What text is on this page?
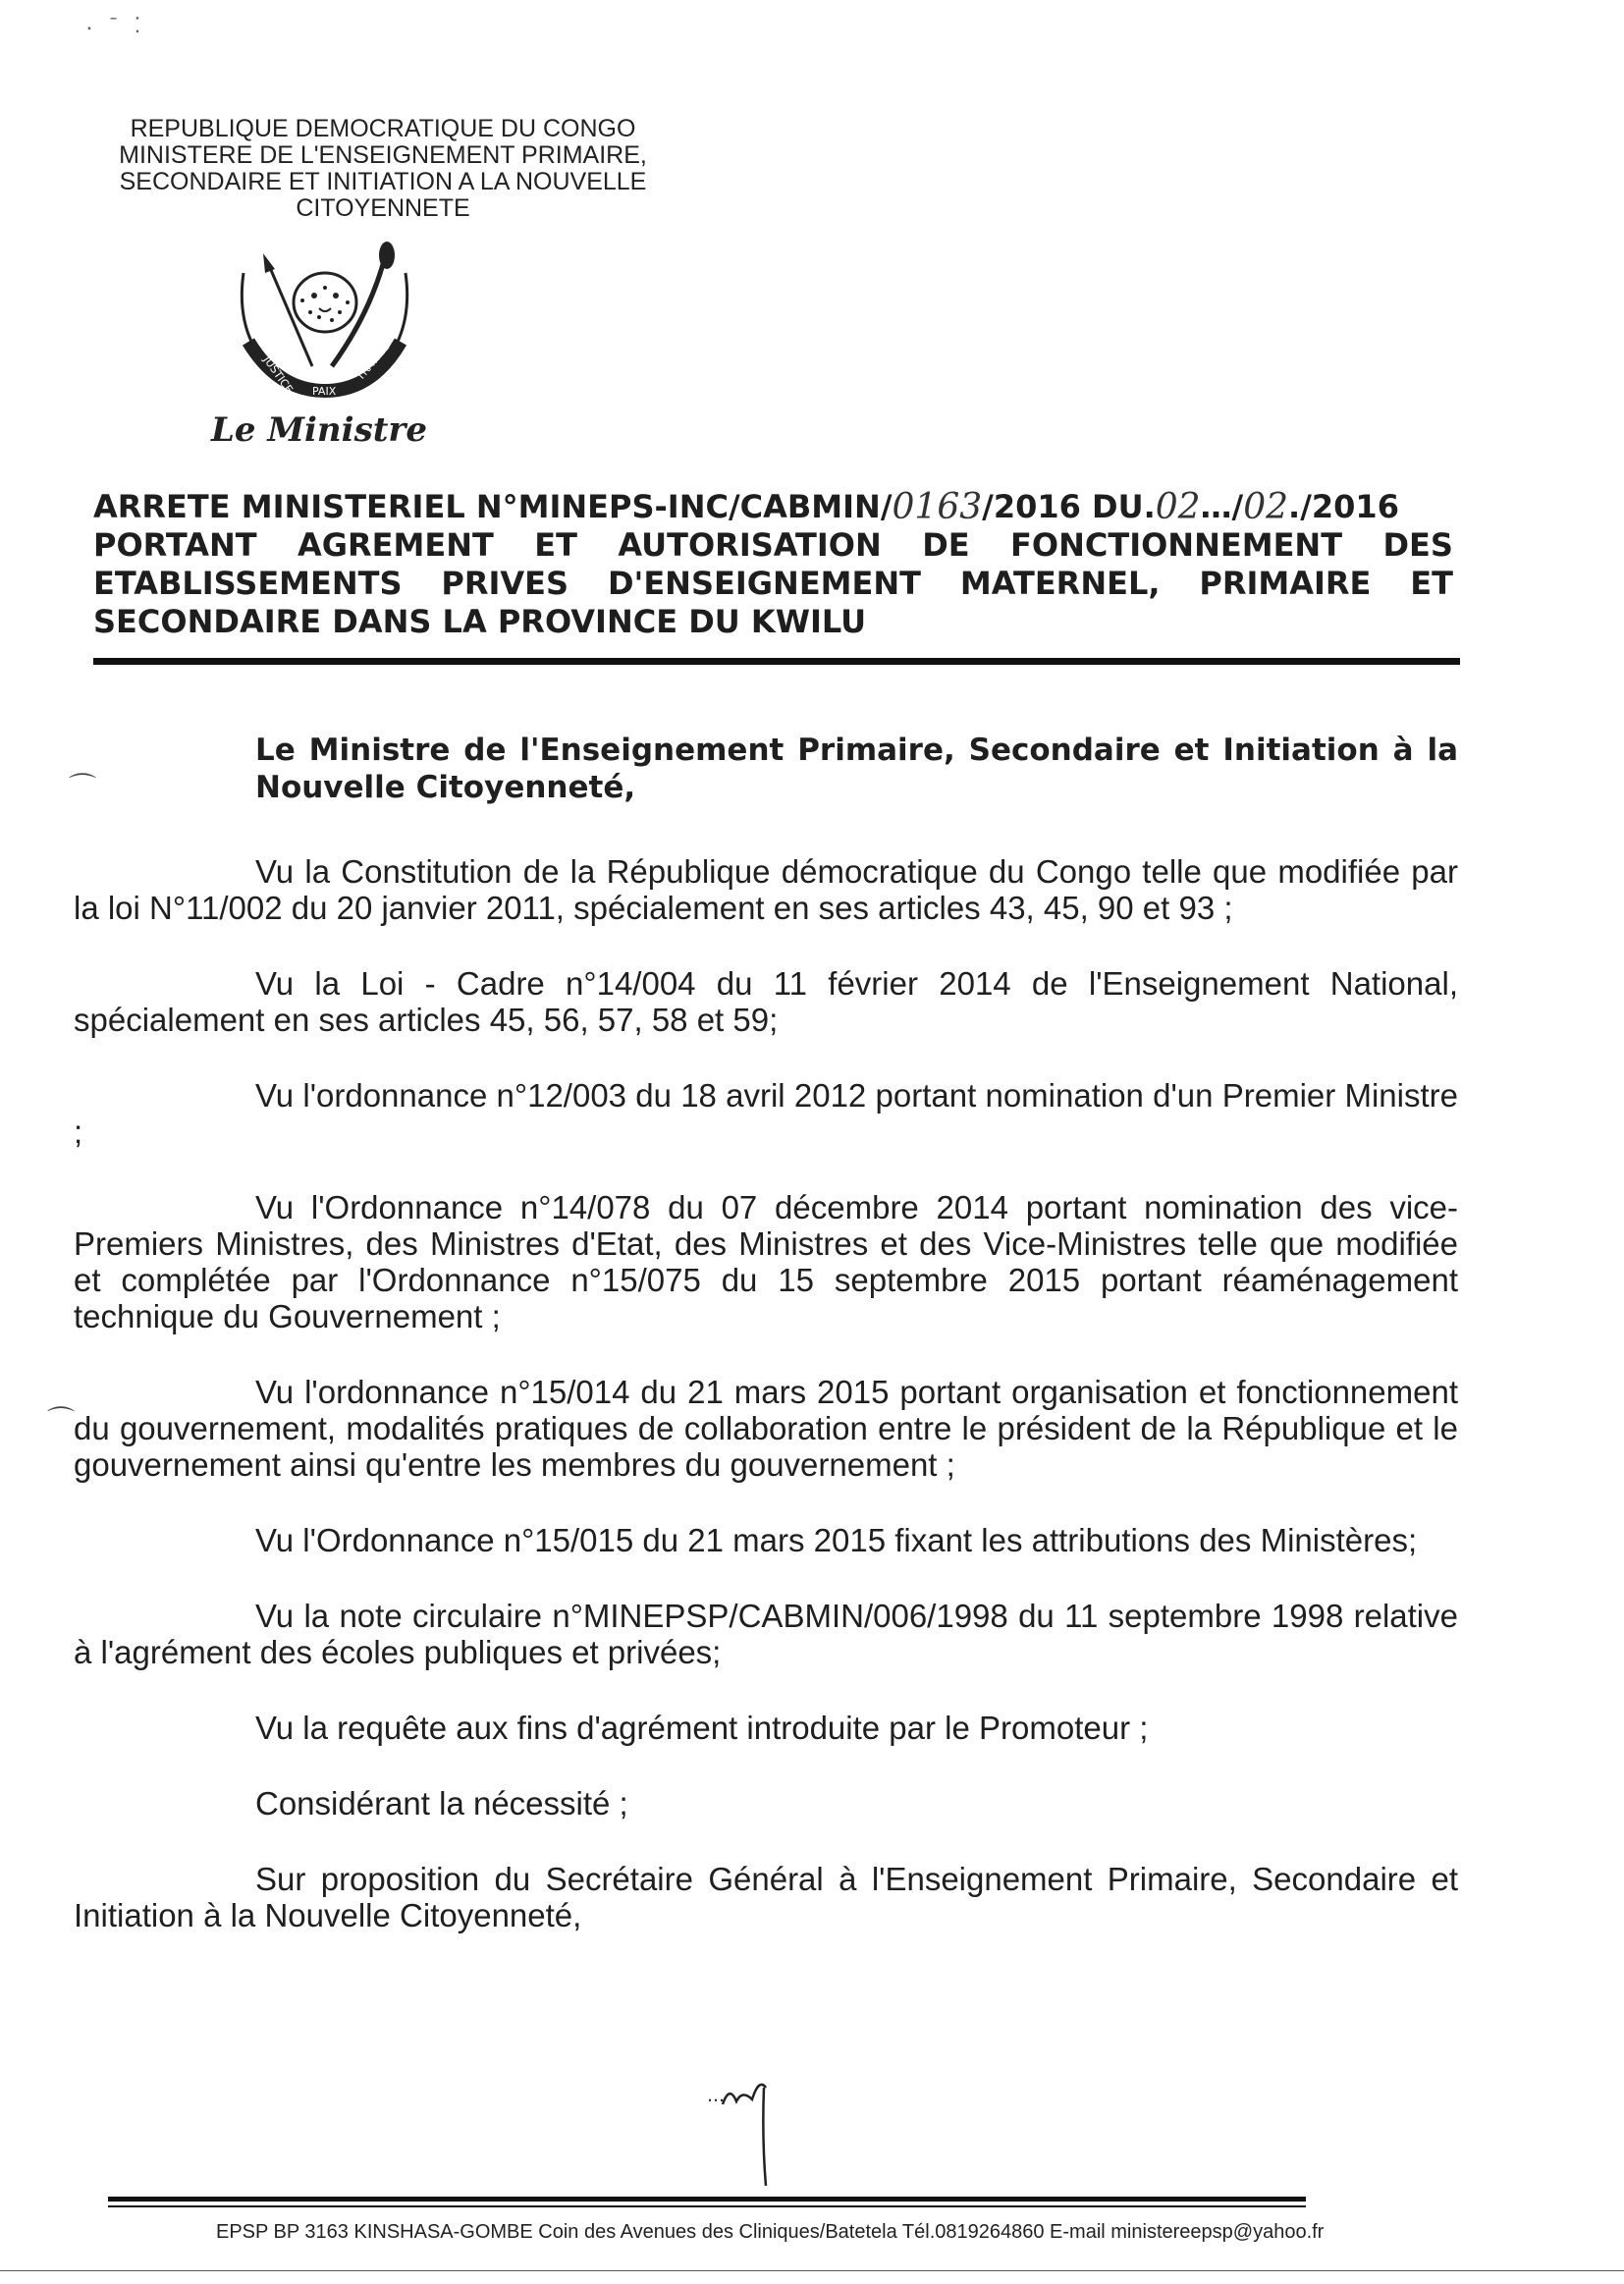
⸳ ˉ ⁚
REPUBLIQUE DEMOCRATIQUE DU CONGO
MINISTERE DE L'ENSEIGNEMENT PRIMAIRE,
SECONDAIRE ET INITIATION A LA NOUVELLE
CITOYENNETE
JUSTICE PAIX
TRAVAIL
Le Ministre
ARRETE MINISTERIEL N°MINEPS-INC/CABMIN/ 0163 /2016 DU. 02 …/ 02 ./2016
PORTANT AGREMENT ET AUTORISATION DE FONCTIONNEMENT DES
ETABLISSEMENTS PRIVES D'ENSEIGNEMENT MATERNEL, PRIMAIRE ET
SECONDAIRE DANS LA PROVINCE DU KWILU
⌒
⌒
Le Ministre de l'Enseignement Primaire, Secondaire et Initiation à la Nouvelle Citoyenneté,
Vu la Constitution de la République démocratique du Congo telle que modifiée par la loi N°11/002 du 20 janvier 2011, spécialement en ses articles 43, 45, 90 et 93 ;
Vu la Loi - Cadre n°14/004 du 11 février 2014 de l'Enseignement National, spécialement en ses articles 45, 56, 57, 58 et 59;
Vu l'ordonnance n°12/003 du 18 avril 2012 portant nomination d'un Premier Ministre ;
Vu l'Ordonnance n°14/078 du 07 décembre 2014 portant nomination des vice-Premiers Ministres, des Ministres d'Etat, des Ministres et des Vice-Ministres telle que modifiée et complétée par l'Ordonnance n°15/075 du 15 septembre 2015 portant réaménagement technique du Gouvernement ;
Vu l'ordonnance n°15/014 du 21 mars 2015 portant organisation et fonctionnement du gouvernement, modalités pratiques de collaboration entre le président de la République et le gouvernement ainsi qu'entre les membres du gouvernement ;
Vu l'Ordonnance n°15/015 du 21 mars 2015 fixant les attributions des Ministères;
Vu la note circulaire n°MINEPSP/CABMIN/006/1998 du 11 septembre 1998 relative à l'agrément des écoles publiques et privées;
Vu la requête aux fins d'agrément introduite par le Promoteur ;
Considérant la nécessité ;
Sur proposition du Secrétaire Général à l'Enseignement Primaire, Secondaire et Initiation à la Nouvelle Citoyenneté,
…
EPSP BP 3163 KINSHASA-GOMBE Coin des Avenues des Cliniques/Batetela Tél.0819264860 E-mail ministereepsp@yahoo.fr
